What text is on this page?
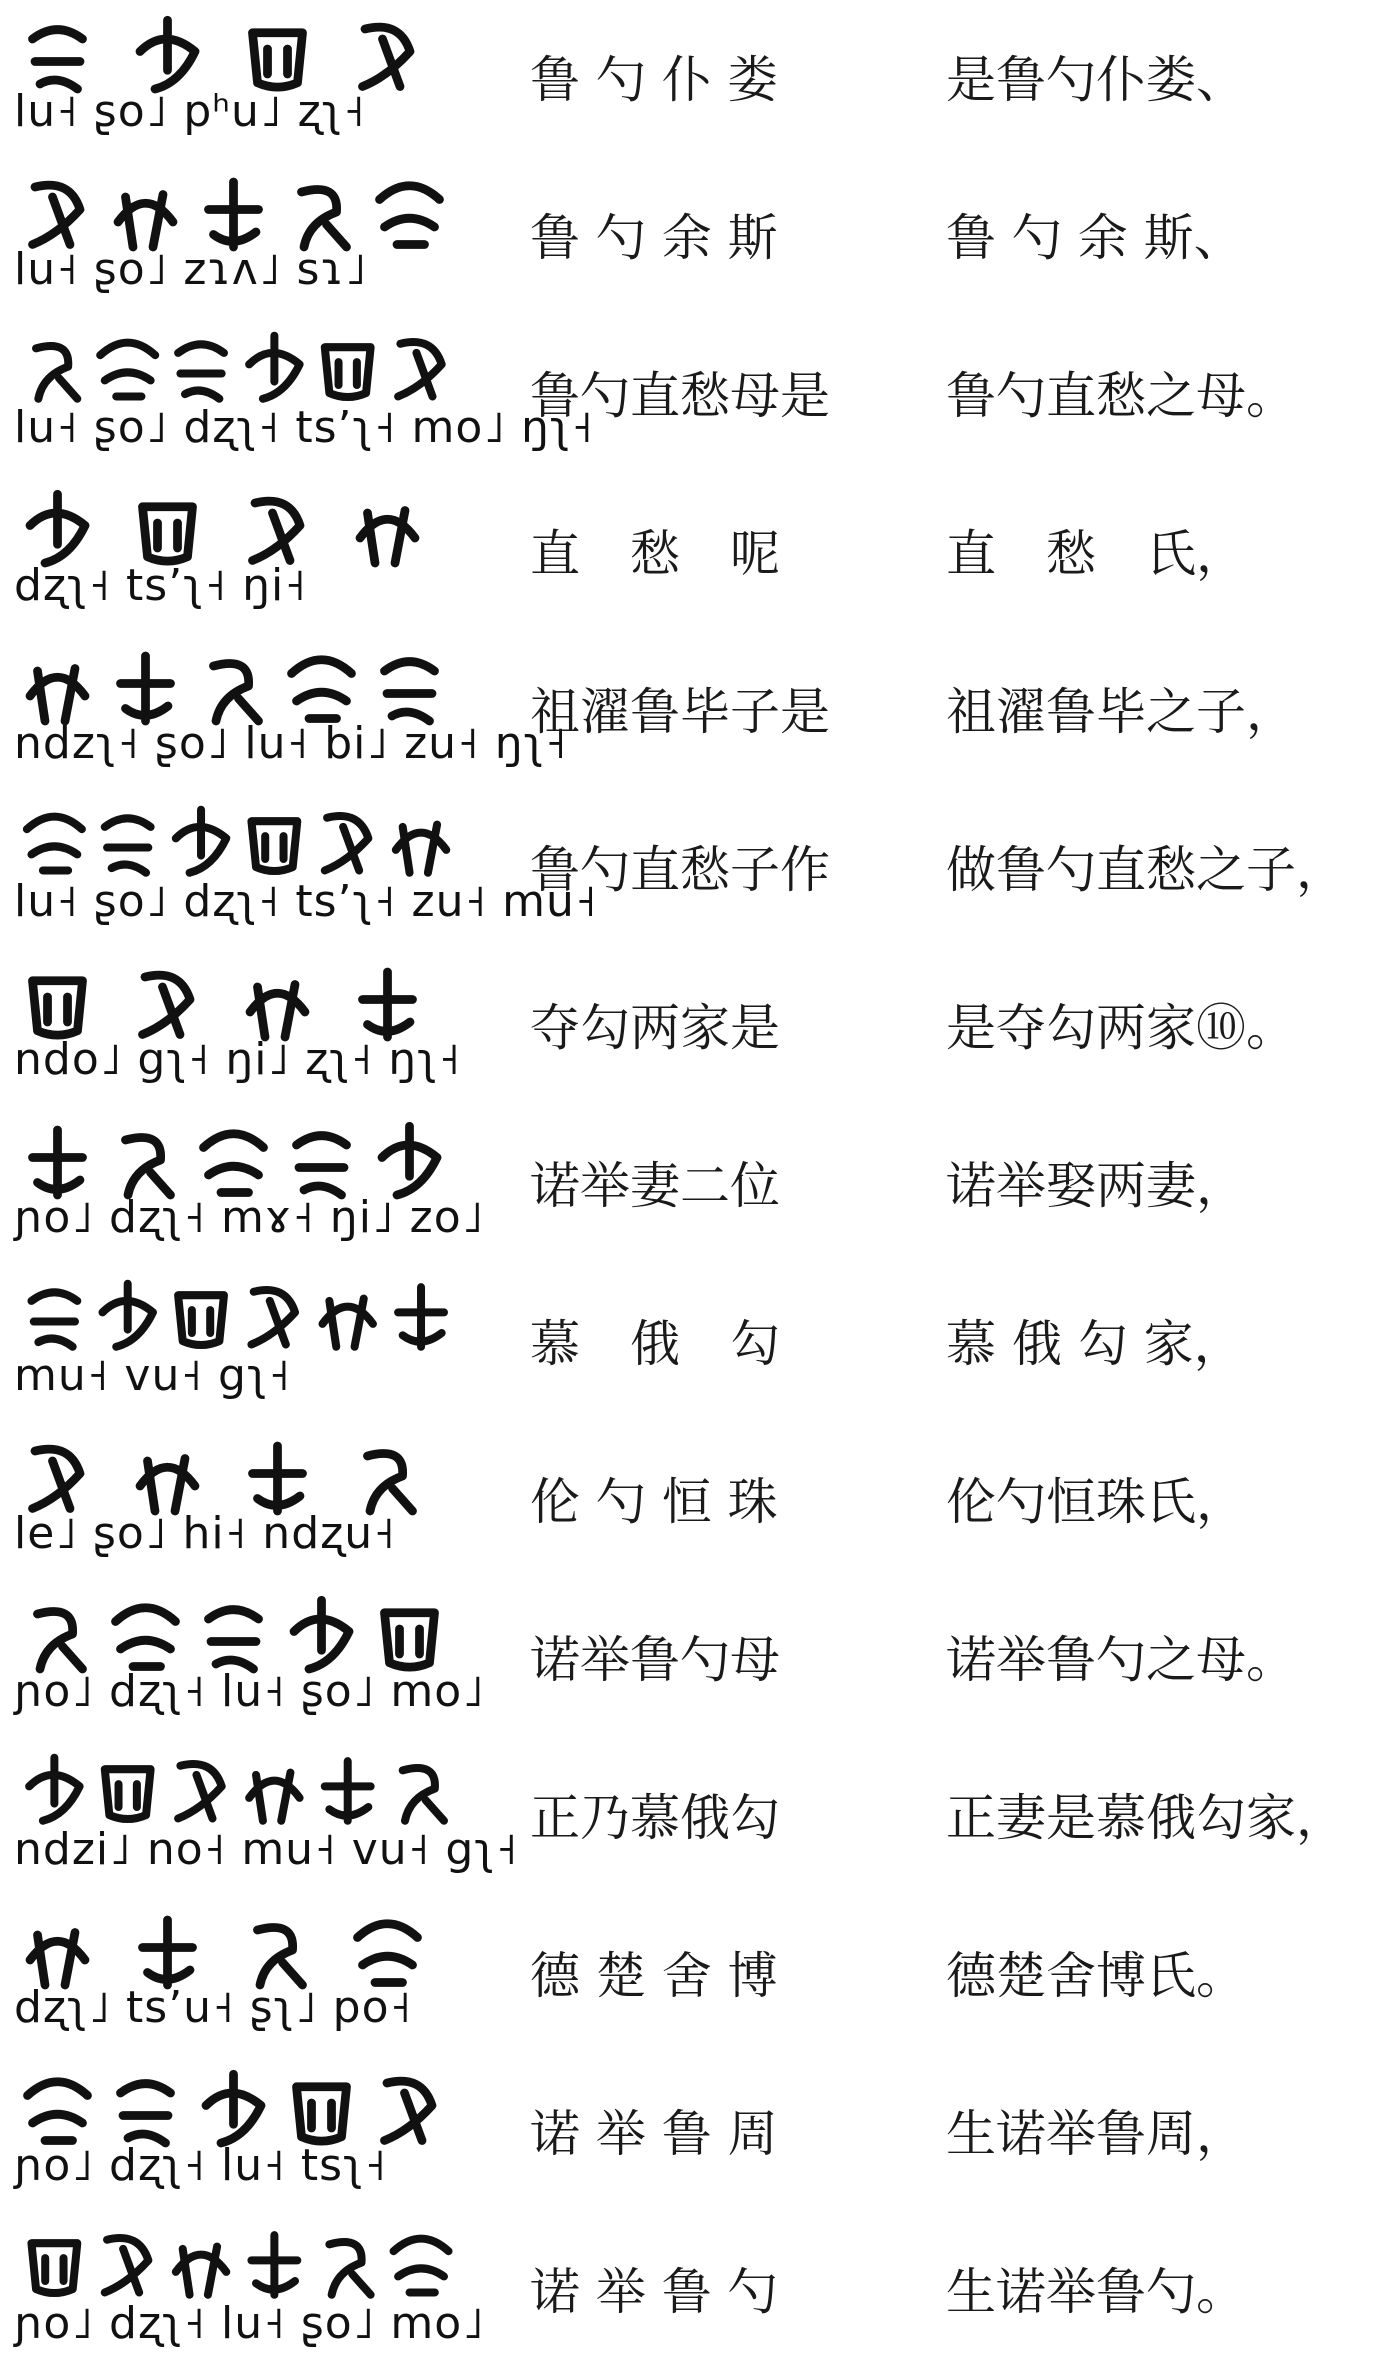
lu˧ ʂo˩ pʰu˩ ʐʅ˧
鲁 勺 仆 娄	是鲁勺仆娄、
lu˧ ʂo˩ zɿʌ˩ sɿ˩
鲁 勺 余 斯	鲁 勺 余 斯、
lu˧ ʂo˩ dʐʅ˧ tsʼʅ˧ mo˩ ŋʅ˧
鲁勺直愁母是	鲁勺直愁之母。
dʐʅ˧ tsʼʅ˧ ŋi˧
直　愁　呢	直　愁　氏，
ndzʅ˧ ʂo˩ lu˧ bi˩ zu˧ ŋʅ˧
祖濯鲁毕子是	祖濯鲁毕之子，
lu˧ ʂo˩ dʐʅ˧ tsʼʅ˧ zu˧ mu˧
鲁勺直愁子作	做鲁勺直愁之子，
ndo˩ gʅ˧ ŋi˩ ʐʅ˧ ŋʅ˧
夺勾两家是	是夺勾两家⑩。
ɲo˩ dʐʅ˧ mɤ˧ ŋi˩ zo˩
诺举妻二位	诺举娶两妻，
mu˧ vu˧ gʅ˧
慕　俄　勾	慕 俄 勾 家，
le˩ ʂo˩ hi˧ ndʐu˧
伦 勺 恒 珠	伦勺恒珠氏，
ɲo˩ dʐʅ˧ lu˧ ʂo˩ mo˩
诺举鲁勺母	诺举鲁勺之母。
ndzi˩ no˧ mu˧ vu˧ gʅ˧
正乃慕俄勾	正妻是慕俄勾家，
dʐʅ˩ tsʼu˧ ʂʅ˩ po˧
德 楚 舍 博	德楚舍博氏。
ɲo˩ dʐʅ˧ lu˧ tsʅ˧
诺 举 鲁 周	生诺举鲁周，
ɲo˩ dʐʅ˧ lu˧ ʂo˩ mo˩
诺 举 鲁 勺	生诺举鲁勺。
